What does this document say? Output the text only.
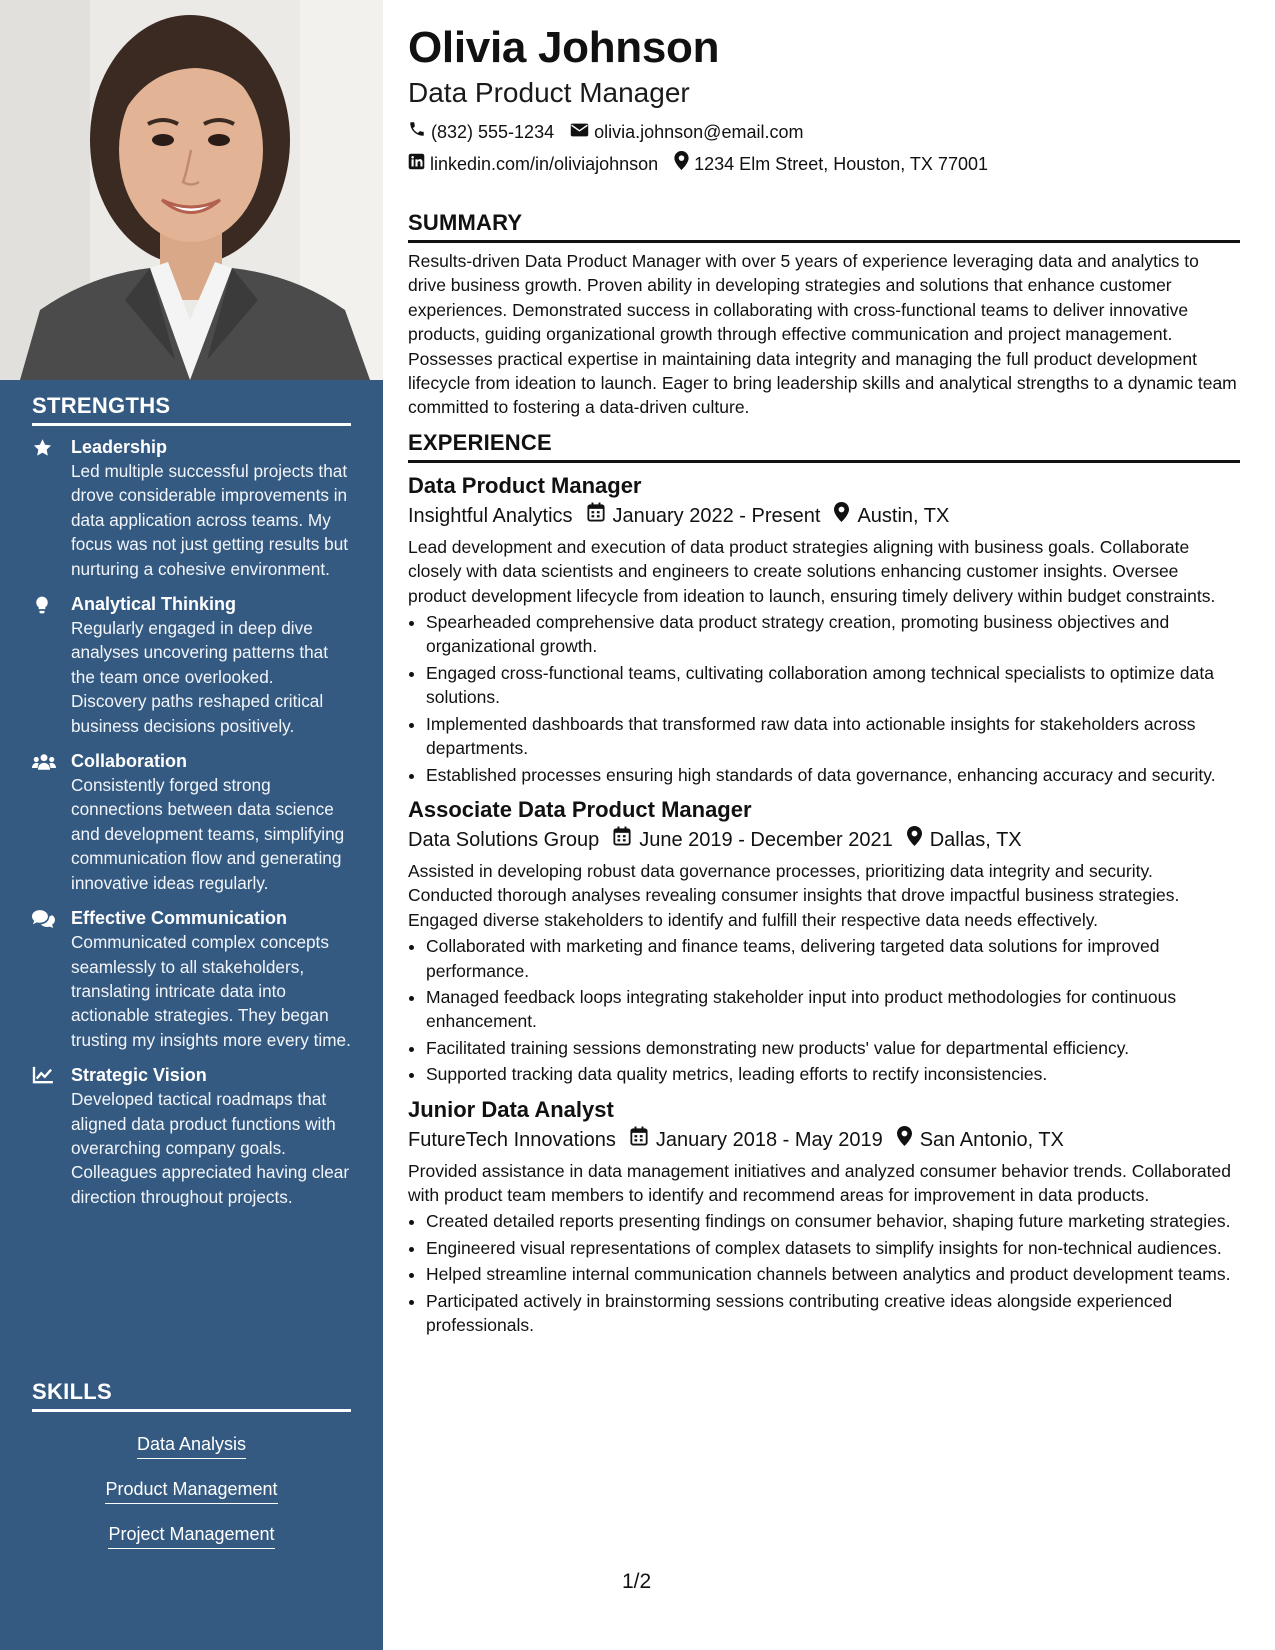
STRENGTHS
Leadership
Led multiple successful projects that drove considerable improvements in data application across teams. My focus was not just getting results but nurturing a cohesive environment.
Analytical Thinking
Regularly engaged in deep dive analyses uncovering patterns that the team once overlooked. Discovery paths reshaped critical business decisions positively.
Collaboration
Consistently forged strong connections between data science and development teams, simplifying communication flow and generating innovative ideas regularly.
Effective Communication
Communicated complex concepts seamlessly to all stakeholders, translating intricate data into actionable strategies. They began trusting my insights more every time.
Strategic Vision
Developed tactical roadmaps that aligned data product functions with overarching company goals. Colleagues appreciated having clear direction throughout projects.
SKILLS
Data Analysis
Product Management
Project Management
Olivia Johnson
Data Product Manager
(832) 555-1234 olivia.johnson@email.com
linkedin.com/in/oliviajohnson 1234 Elm Street, Houston, TX 77001
SUMMARY

Results-driven Data Product Manager with over 5 years of experience leveraging data and analytics to drive business growth. Proven ability in developing strategies and solutions that enhance customer experiences. Demonstrated success in collaborating with cross-functional teams to deliver innovative products, guiding organizational growth through effective communication and project management. Possesses practical expertise in maintaining data integrity and managing the full product development lifecycle from ideation to launch. Eager to bring leadership skills and analytical strengths to a dynamic team committed to fostering a data-driven culture.

EXPERIENCE
Data Product Manager
Insightful Analytics January 2022 - Present Austin, TX

Lead development and execution of data product strategies aligning with business goals. Collaborate closely with data scientists and engineers to create solutions enhancing customer insights. Oversee product development lifecycle from ideation to launch, ensuring timely delivery within budget constraints.

• Spearheaded comprehensive data product strategy creation, promoting business objectives and organizational growth.
• Engaged cross-functional teams, cultivating collaboration among technical specialists to optimize data solutions.
• Implemented dashboards that transformed raw data into actionable insights for stakeholders across departments.
• Established processes ensuring high standards of data governance, enhancing accuracy and security.
Associate Data Product Manager
Data Solutions Group June 2019 - December 2021 Dallas, TX

Assisted in developing robust data governance processes, prioritizing data integrity and security. Conducted thorough analyses revealing consumer insights that drove impactful business strategies. Engaged diverse stakeholders to identify and fulfill their respective data needs effectively.

• Collaborated with marketing and finance teams, delivering targeted data solutions for improved performance.
• Managed feedback loops integrating stakeholder input into product methodologies for continuous enhancement.
• Facilitated training sessions demonstrating new products' value for departmental efficiency.
• Supported tracking data quality metrics, leading efforts to rectify inconsistencies.
Junior Data Analyst
FutureTech Innovations January 2018 - May 2019 San Antonio, TX

Provided assistance in data management initiatives and analyzed consumer behavior trends. Collaborated with product team members to identify and recommend areas for improvement in data products.

• Created detailed reports presenting findings on consumer behavior, shaping future marketing strategies.
• Engineered visual representations of complex datasets to simplify insights for non-technical audiences.
• Helped streamline internal communication channels between analytics and product development teams.
• Participated actively in brainstorming sessions contributing creative ideas alongside experienced professionals.
1/2
